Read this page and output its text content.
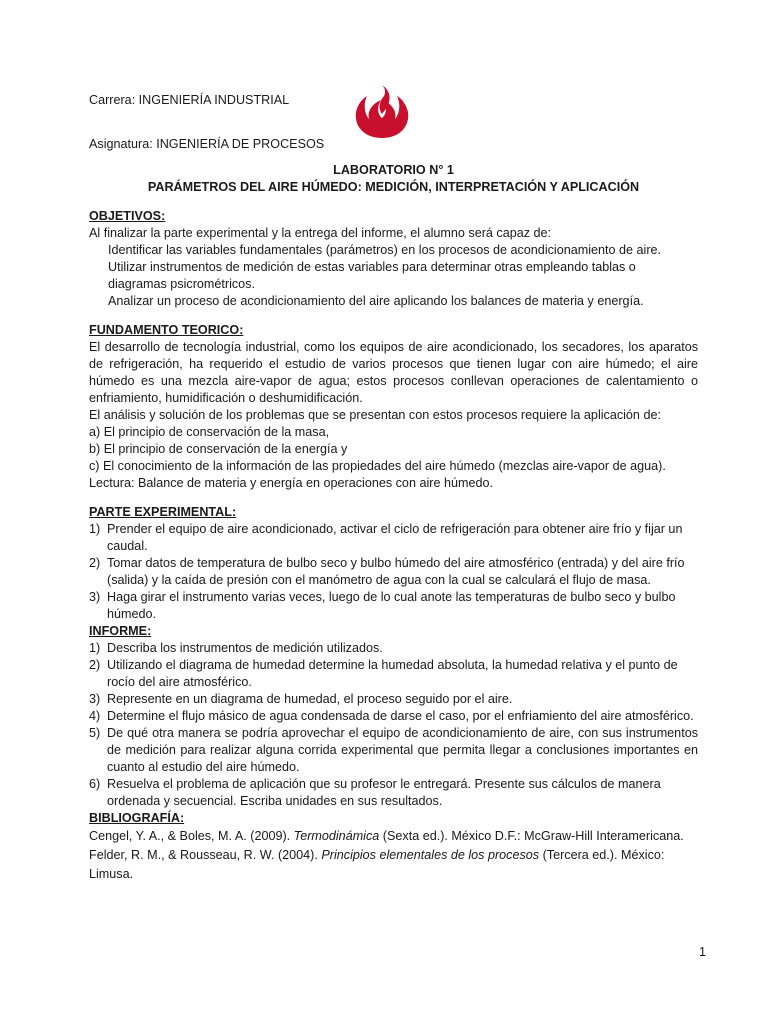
Carrera: INGENIERÍA INDUSTRIAL
Asignatura: INGENIERÍA DE PROCESOS
LABORATORIO N° 1
PARÁMETROS DEL AIRE HÚMEDO: MEDICIÓN, INTERPRETACIÓN Y APLICACIÓN
OBJETIVOS:
Al finalizar la parte experimental y la entrega del informe, el alumno será capaz de:
Identificar las variables fundamentales (parámetros) en los procesos de acondicionamiento de aire.
Utilizar instrumentos de medición de estas variables para determinar otras empleando tablas o diagramas psicrométricos.
Analizar un proceso de acondicionamiento del aire aplicando los balances de materia y energía.
FUNDAMENTO TEORICO:
El desarrollo de tecnología industrial, como los equipos de aire acondicionado, los secadores, los aparatos de refrigeración, ha requerido el estudio de varios procesos que tienen lugar con aire húmedo; el aire húmedo es una mezcla aire-vapor de agua; estos procesos conllevan operaciones de calentamiento o enfriamiento, humidificación o deshumidificación.
El análisis y solución de los problemas que se presentan con estos procesos requiere la aplicación de:
a) El principio de conservación de la masa,
b) El principio de conservación de la energía y
c) El conocimiento de la información de las propiedades del aire húmedo (mezclas aire-vapor de agua).
Lectura: Balance de materia y energía en operaciones con aire húmedo.
PARTE EXPERIMENTAL:
1) Prender el equipo de aire acondicionado, activar el ciclo de refrigeración para obtener aire frío y fijar un caudal.
2) Tomar datos de temperatura de bulbo seco y bulbo húmedo del aire atmosférico (entrada) y del aire frío (salida) y la caída de presión con el manómetro de agua con la cual se calculará el flujo de masa.
3) Haga girar el instrumento varias veces, luego de lo cual anote las temperaturas de bulbo seco y bulbo húmedo.
INFORME:
1) Describa los instrumentos de medición utilizados.
2) Utilizando el diagrama de humedad determine la humedad absoluta, la humedad relativa y el punto de rocío del aire atmosférico.
3) Represente en un diagrama de humedad, el proceso seguido por el aire.
4) Determine el flujo másico de agua condensada de darse el caso, por el enfriamiento del aire atmosférico.
5) De qué otra manera se podría aprovechar el equipo de acondicionamiento de aire, con sus instrumentos de medición para realizar alguna corrida experimental que permita llegar a conclusiones importantes en cuanto al estudio del aire húmedo.
6) Resuelva el problema de aplicación que su profesor le entregará. Presente sus cálculos de manera ordenada y secuencial. Escriba unidades en sus resultados.
BIBLIOGRAFÍA:
Cengel, Y. A., & Boles, M. A. (2009). Termodinámica (Sexta ed.). México D.F.: McGraw-Hill Interamericana.
Felder, R. M., & Rousseau, R. W. (2004). Principios elementales de los procesos (Tercera ed.). México: Limusa.
1
